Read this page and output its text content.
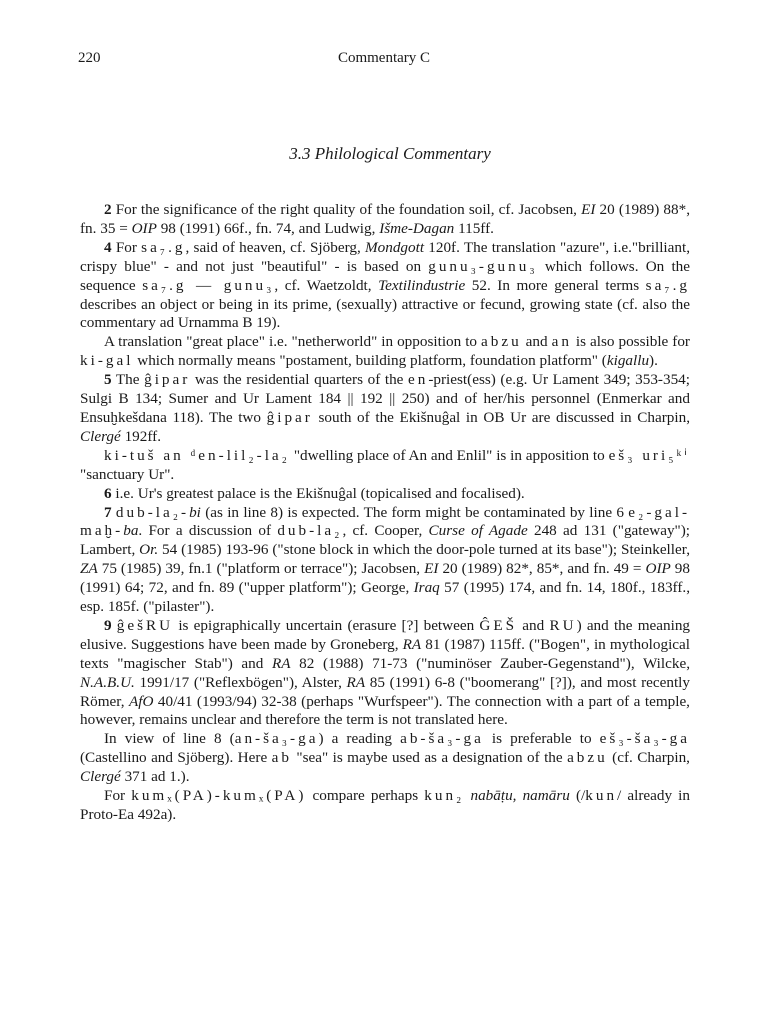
220	Commentary C
3.3 Philological Commentary

2 For the significance of the right quality of the foundation soil, cf. Jacobsen, EI 20 (1989) 88*, fn. 35 = OIP 98 (1991) 66f., fn. 74, and Ludwig, Išme-Dagan 115ff.

4 For sa₇.g, said of heaven, cf. Sjöberg, Mondgott 120f. The translation "azure", i.e."brilliant, crispy blue" - and not just "beautiful" - is based on gunu₃-gunu₃ which follows. On the sequence sa₇.g — gunu₃, cf. Waetzoldt, Textilindustrie 52. In more general terms sa₇.g describes an object or being in its prime, (sexually) attractive or fecund, growing state (cf. also the commentary ad Urnamma B 19).

A translation "great place" i.e. "netherworld" in opposition to abzu and an is also possible for ki-gal which normally means "postament, building platform, foundation platform" (kigallu).

5 The ĝipar was the residential quarters of the en-priest(ess) (e.g. Ur Lament 349; 353-354; Sulgi B 134; Sumer and Ur Lament 184 || 192 || 250) and of her/his personnel (Enmerkar and Ensuḫkešdana 118). The two ĝipar south of the Ekišnuĝal in OB Ur are discussed in Charpin, Clergé 192ff.

ki-tuš an ᵈen-lil₂-la₂ "dwelling place of An and Enlil" is in apposition to eš₃ uri₅ᵏⁱ "sanctuary Ur".

6 i.e. Ur's greatest palace is the Ekišnuĝal (topicalised and focalised).

7 dub-la₂-bi (as in line 8) is expected. The form might be contaminated by line 6 e₂-gal-maḫ-ba. For a discussion of dub-la₂, cf. Cooper, Curse of Agade 248 ad 131 ("gateway"); Lambert, Or. 54 (1985) 193-96 ("stone block in which the door-pole turned at its base"); Steinkeller, ZA 75 (1985) 39, fn.1 ("platform or terrace"); Jacobsen, EI 20 (1989) 82*, 85*, and fn. 49 = OIP 98 (1991) 64; 72, and fn. 89 ("upper platform"); George, Iraq 57 (1995) 174, and fn. 14, 180f., 183ff., esp. 185f. ("pilaster").

9 ĝešRU is epigraphically uncertain (erasure [?] between ĜEŠ and RU) and the meaning elusive. Suggestions have been made by Groneberg, RA 81 (1987) 115ff. ("Bogen", in mythological texts "magischer Stab") and RA 82 (1988) 71-73 ("numinöser Zauber-Gegenstand"), Wilcke, N.A.B.U. 1991/17 ("Reflexbögen"), Alster, RA 85 (1991) 6-8 ("boomerang" [?]), and most recently Römer, AfO 40/41 (1993/94) 32-38 (perhaps "Wurfspeer"). The connection with a part of a temple, however, remains unclear and therefore the term is not translated here.

In view of line 8 (an-ša₃-ga) a reading ab-ša₃-ga is preferable to eš₃-ša₃-ga (Castellino and Sjöberg). Here ab "sea" is maybe used as a designation of the abzu (cf. Charpin, Clergé 371 ad 1.).

For kumₓ(PA)-kumₓ(PA) compare perhaps kun₂ nabāṭu, namāru (/kun/ already in Proto-Ea 492a).
